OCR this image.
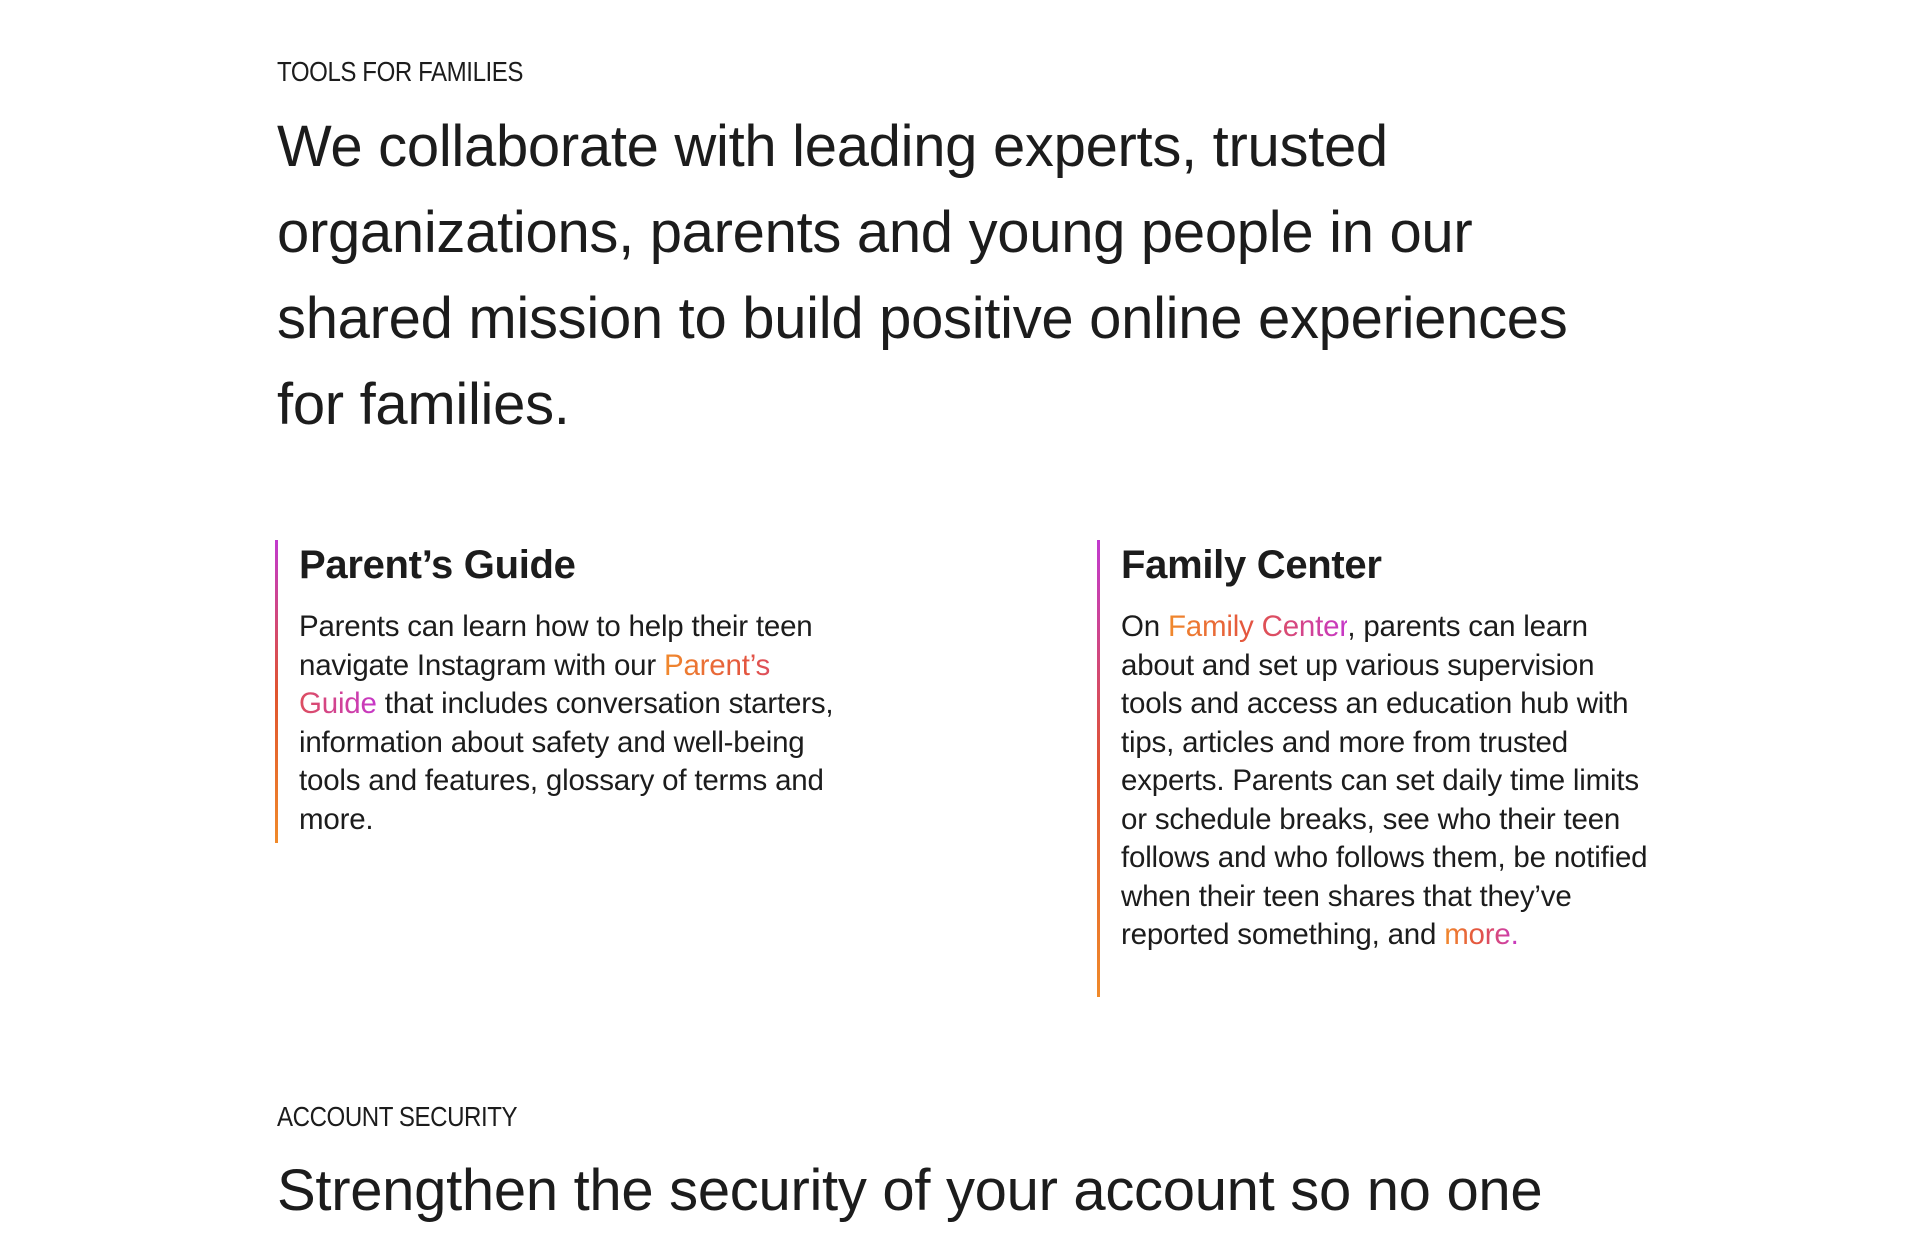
TOOLS FOR FAMILIES

We collaborate with leading experts, trusted organizations, parents and young people in our shared mission to build positive online experiences for families.
Parent’s Guide

Parents can learn how to help their teen navigate Instagram with our Parent’s Guide that includes conversation starters, information about safety and well-being tools and features, glossary of terms and more.

Family Center

On Family Center, parents can learn about and set up various supervision tools and access an education hub with tips, articles and more from trusted experts. Parents can set daily time limits or schedule breaks, see who their teen follows and who follows them, be notified when their teen shares that they’ve reported something, and more.

ACCOUNT SECURITY

Strengthen the security of your account so no one
